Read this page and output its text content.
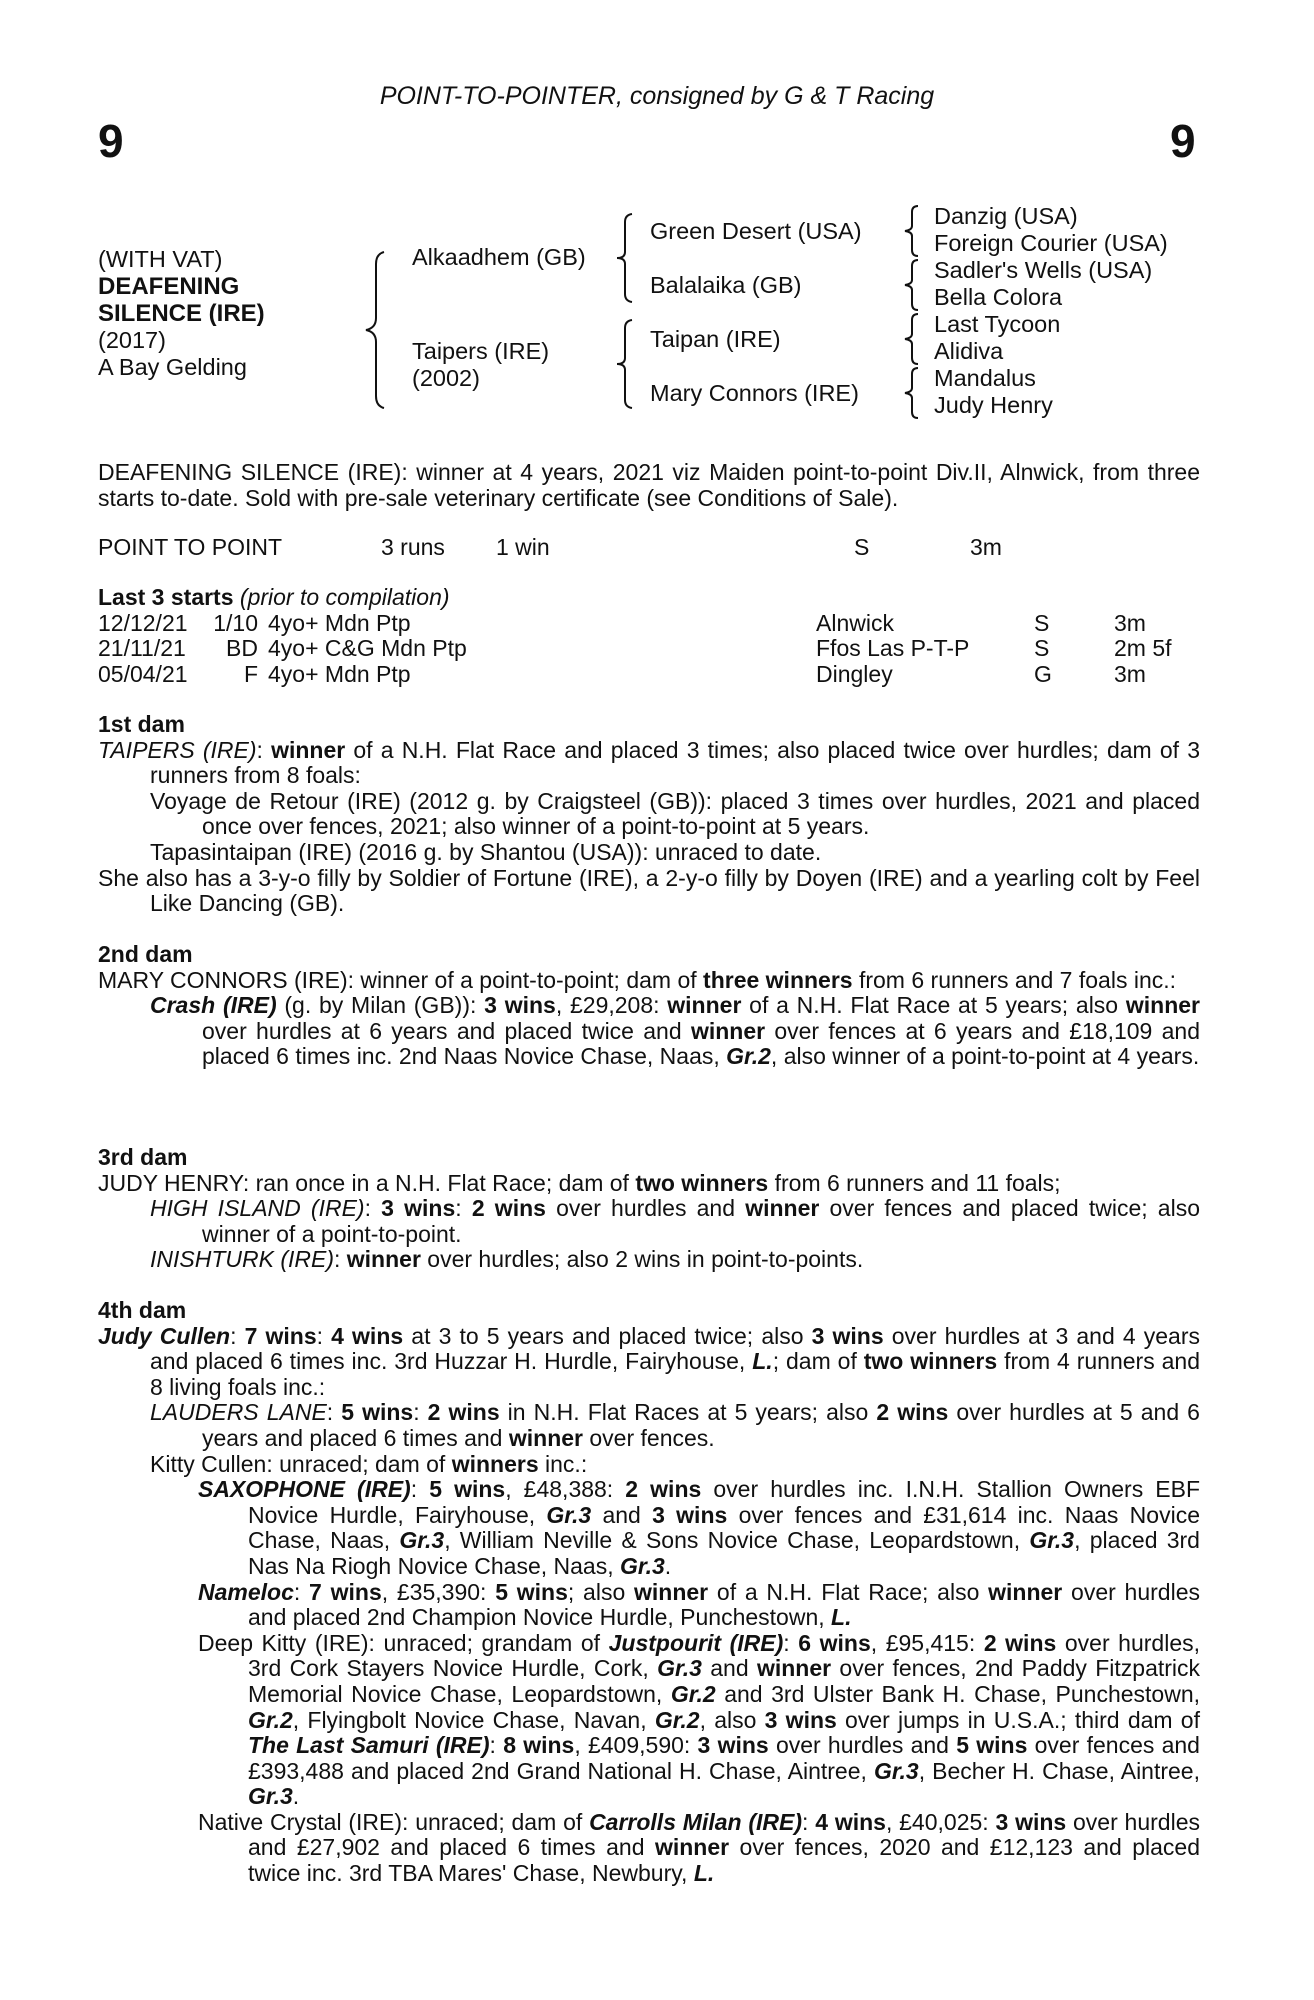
9	9
POINT-TO-POINTER, consigned by G & T Racing
(WITH VAT)
DEAFENING
SILENCE (IRE)
(2017)
A Bay Gelding
Alkaadhem (GB)
Taipers (IRE)
(2002)
Green Desert (USA)
Balalaika (GB)
Taipan (IRE)
Mary Connors (IRE)
Danzig (USA)
Foreign Courier (USA)
Sadler's Wells (USA)
Bella Colora
Last Tycoon
Alidiva
Mandalus
Judy Henry

DEAFENING SILENCE (IRE): winner at 4 years, 2021 viz Maiden point-to-point Div.II, Alnwick, from three starts to-date. Sold with pre-sale veterinary certificate (see Conditions of Sale).

POINT TO POINT	3 runs 1 win	S	3m
Last 3 starts (prior to compilation)
12/12/21	1/10 4yo+ Mdn Ptp	Alnwick	S	3m
21/11/21	BD 4yo+ C&G Mdn Ptp	Ffos Las P-T-P	S	2m 5f
05/04/21	F 4yo+ Mdn Ptp	Dingley	G	3m
1st dam

TAIPERS (IRE): winner of a N.H. Flat Race and placed 3 times; also placed twice over hurdles; dam of 3 runners from 8 foals:

Voyage de Retour (IRE) (2012 g. by Craigsteel (GB)): placed 3 times over hurdles, 2021 and placed once over fences, 2021; also winner of a point-to-point at 5 years.

Tapasintaipan (IRE) (2016 g. by Shantou (USA)): unraced to date.

She also has a 3-y-o filly by Soldier of Fortune (IRE), a 2-y-o filly by Doyen (IRE) and a yearling colt by Feel Like Dancing (GB).

2nd dam

MARY CONNORS (IRE): winner of a point-to-point; dam of three winners from 6 runners and 7 foals inc.:

Crash (IRE) (g. by Milan (GB)): 3 wins, £29,208: winner of a N.H. Flat Race at 5 years; also winner over hurdles at 6 years and placed twice and winner over fences at 6 years and £18,109 and placed 6 times inc. 2nd Naas Novice Chase, Naas, Gr.2, also winner of a point-to-point at 4 years.

3rd dam

JUDY HENRY: ran once in a N.H. Flat Race; dam of two winners from 6 runners and 11 foals;

HIGH ISLAND (IRE): 3 wins: 2 wins over hurdles and winner over fences and placed twice; also winner of a point-to-point.

INISHTURK (IRE): winner over hurdles; also 2 wins in point-to-points.

4th dam

Judy Cullen: 7 wins: 4 wins at 3 to 5 years and placed twice; also 3 wins over hurdles at 3 and 4 years and placed 6 times inc. 3rd Huzzar H. Hurdle, Fairyhouse, L.; dam of two winners from 4 runners and 8 living foals inc.:

LAUDERS LANE: 5 wins: 2 wins in N.H. Flat Races at 5 years; also 2 wins over hurdles at 5 and 6 years and placed 6 times and winner over fences.

Kitty Cullen: unraced; dam of winners inc.:

SAXOPHONE (IRE): 5 wins, £48,388: 2 wins over hurdles inc. I.N.H. Stallion Owners EBF Novice Hurdle, Fairyhouse, Gr.3 and 3 wins over fences and £31,614 inc. Naas Novice Chase, Naas, Gr.3, William Neville & Sons Novice Chase, Leopardstown, Gr.3, placed 3rd Nas Na Riogh Novice Chase, Naas, Gr.3.

Nameloc: 7 wins, £35,390: 5 wins; also winner of a N.H. Flat Race; also winner over hurdles and placed 2nd Champion Novice Hurdle, Punchestown, L.

Deep Kitty (IRE): unraced; grandam of Justpourit (IRE): 6 wins, £95,415: 2 wins over hurdles, 3rd Cork Stayers Novice Hurdle, Cork, Gr.3 and winner over fences, 2nd Paddy Fitzpatrick Memorial Novice Chase, Leopardstown, Gr.2 and 3rd Ulster Bank H. Chase, Punchestown, Gr.2, Flyingbolt Novice Chase, Navan, Gr.2, also 3 wins over jumps in U.S.A.; third dam of The Last Samuri (IRE): 8 wins, £409,590: 3 wins over hurdles and 5 wins over fences and £393,488 and placed 2nd Grand National H. Chase, Aintree, Gr.3, Becher H. Chase, Aintree, Gr.3.

Native Crystal (IRE): unraced; dam of Carrolls Milan (IRE): 4 wins, £40,025: 3 wins over hurdles and £27,902 and placed 6 times and winner over fences, 2020 and £12,123 and placed twice inc. 3rd TBA Mares' Chase, Newbury, L.
